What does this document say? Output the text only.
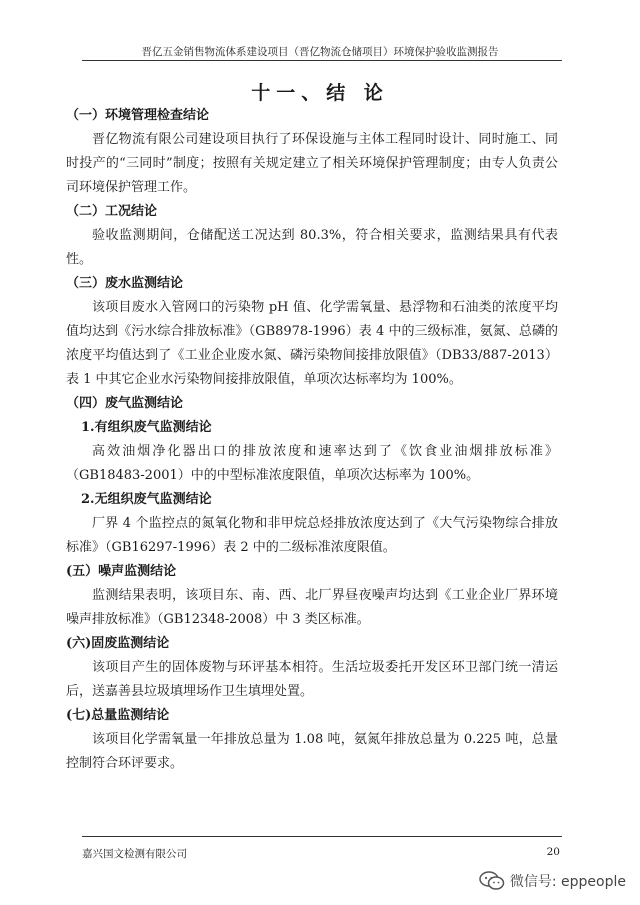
晋亿五金销售物流体系建设项目（晋亿物流仓储项目）环境保护验收监测报告
十一、结 论
（一）环境管理检查结论

晋亿物流有限公司建设项目执行了环保设施与主体工程同时设计、同时施工、同时投产的“三同时”制度；按照有关规定建立了相关环境保护管理制度；由专人负责公司环境保护管理工作。

（二）工况结论

验收监测期间，仓储配送工况达到 80.3%，符合相关要求，监测结果具有代表性。

（三）废水监测结论

该项目废水入管网口的污染物 pH 值、化学需氧量、悬浮物和石油类的浓度平均值均达到《污水综合排放标准》（GB8978-1996）表 4 中的三级标准，氨氮、总磷的浓度平均值达到了《工业企业废水氮、磷污染物间接排放限值》（DB33/887-2013）表 1 中其它企业水污染物间接排放限值，单项次达标率均为 100%。

（四）废气监测结论
1.有组织废气监测结论

高效油烟净化器出口的排放浓度和速率达到了《饮食业油烟排放标准》（GB18483-2001）中的中型标准浓度限值，单项次达标率为 100%。

2.无组织废气监测结论

厂界 4 个监控点的氮氧化物和非甲烷总烃排放浓度达到了《大气污染物综合排放标准》（GB16297-1996）表 2 中的二级标准浓度限值。

(五）噪声监测结论

监测结果表明，该项目东、南、西、北厂界昼夜噪声均达到《工业企业厂界环境噪声排放标准》（GB12348-2008）中 3 类区标准。

(六)固废监测结论

该项目产生的固体废物与环评基本相符。生活垃圾委托开发区环卫部门统一清运后，送嘉善县垃圾填埋场作卫生填埋处置。

(七)总量监测结论

该项目化学需氧量一年排放总量为 1.08 吨，氨氮年排放总量为 0.225 吨，总量控制符合环评要求。

嘉兴国文检测有限公司	20
微信号: eppeople
